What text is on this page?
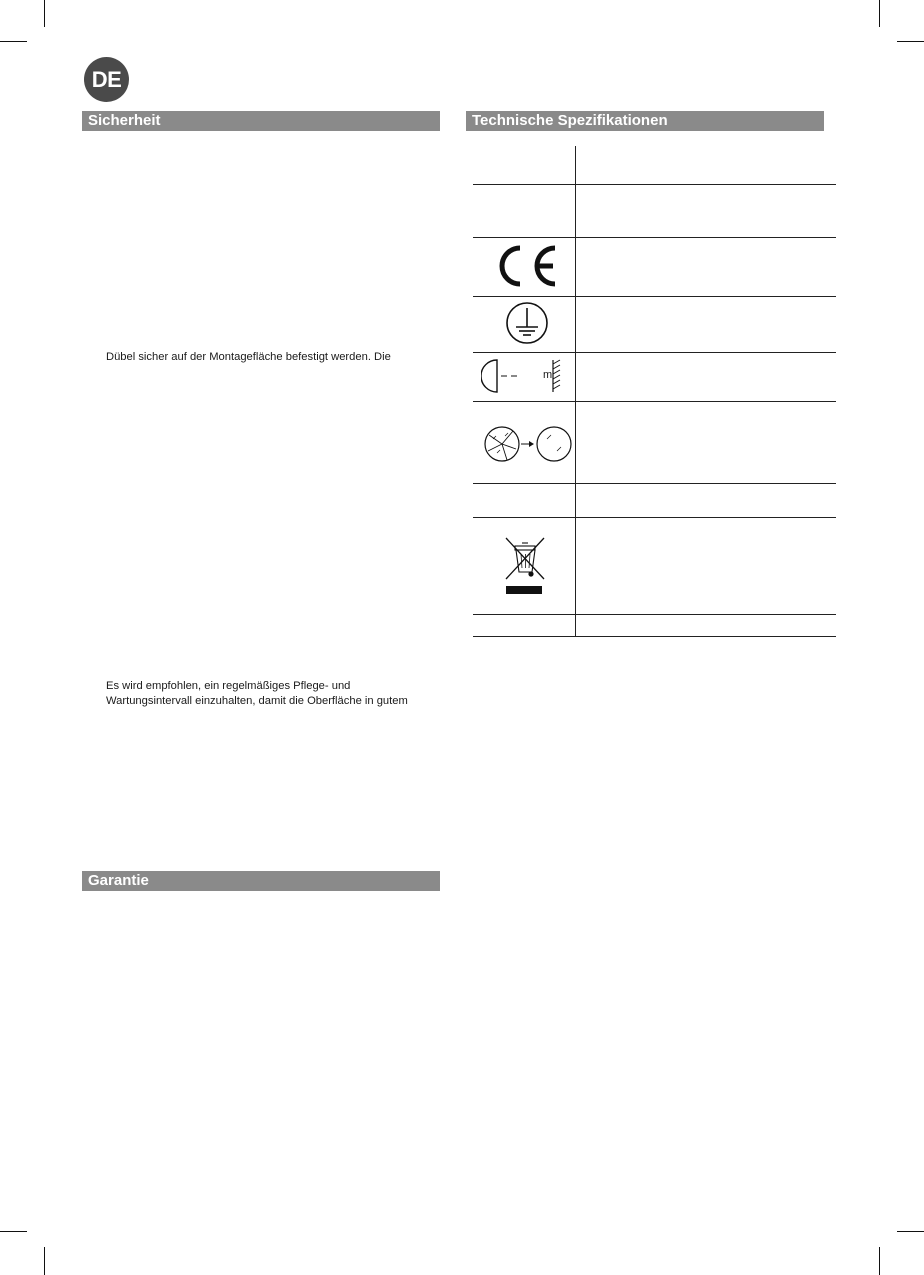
DE
Sicherheit
Dübel sicher auf der Montagefläche befestigt werden. Die
Es wird empfohlen, ein regelmäßiges Pflege- und
Wartungsintervall einzuhalten, damit die Oberfläche in gutem
Garantie
Technische Spezifikationen
m
